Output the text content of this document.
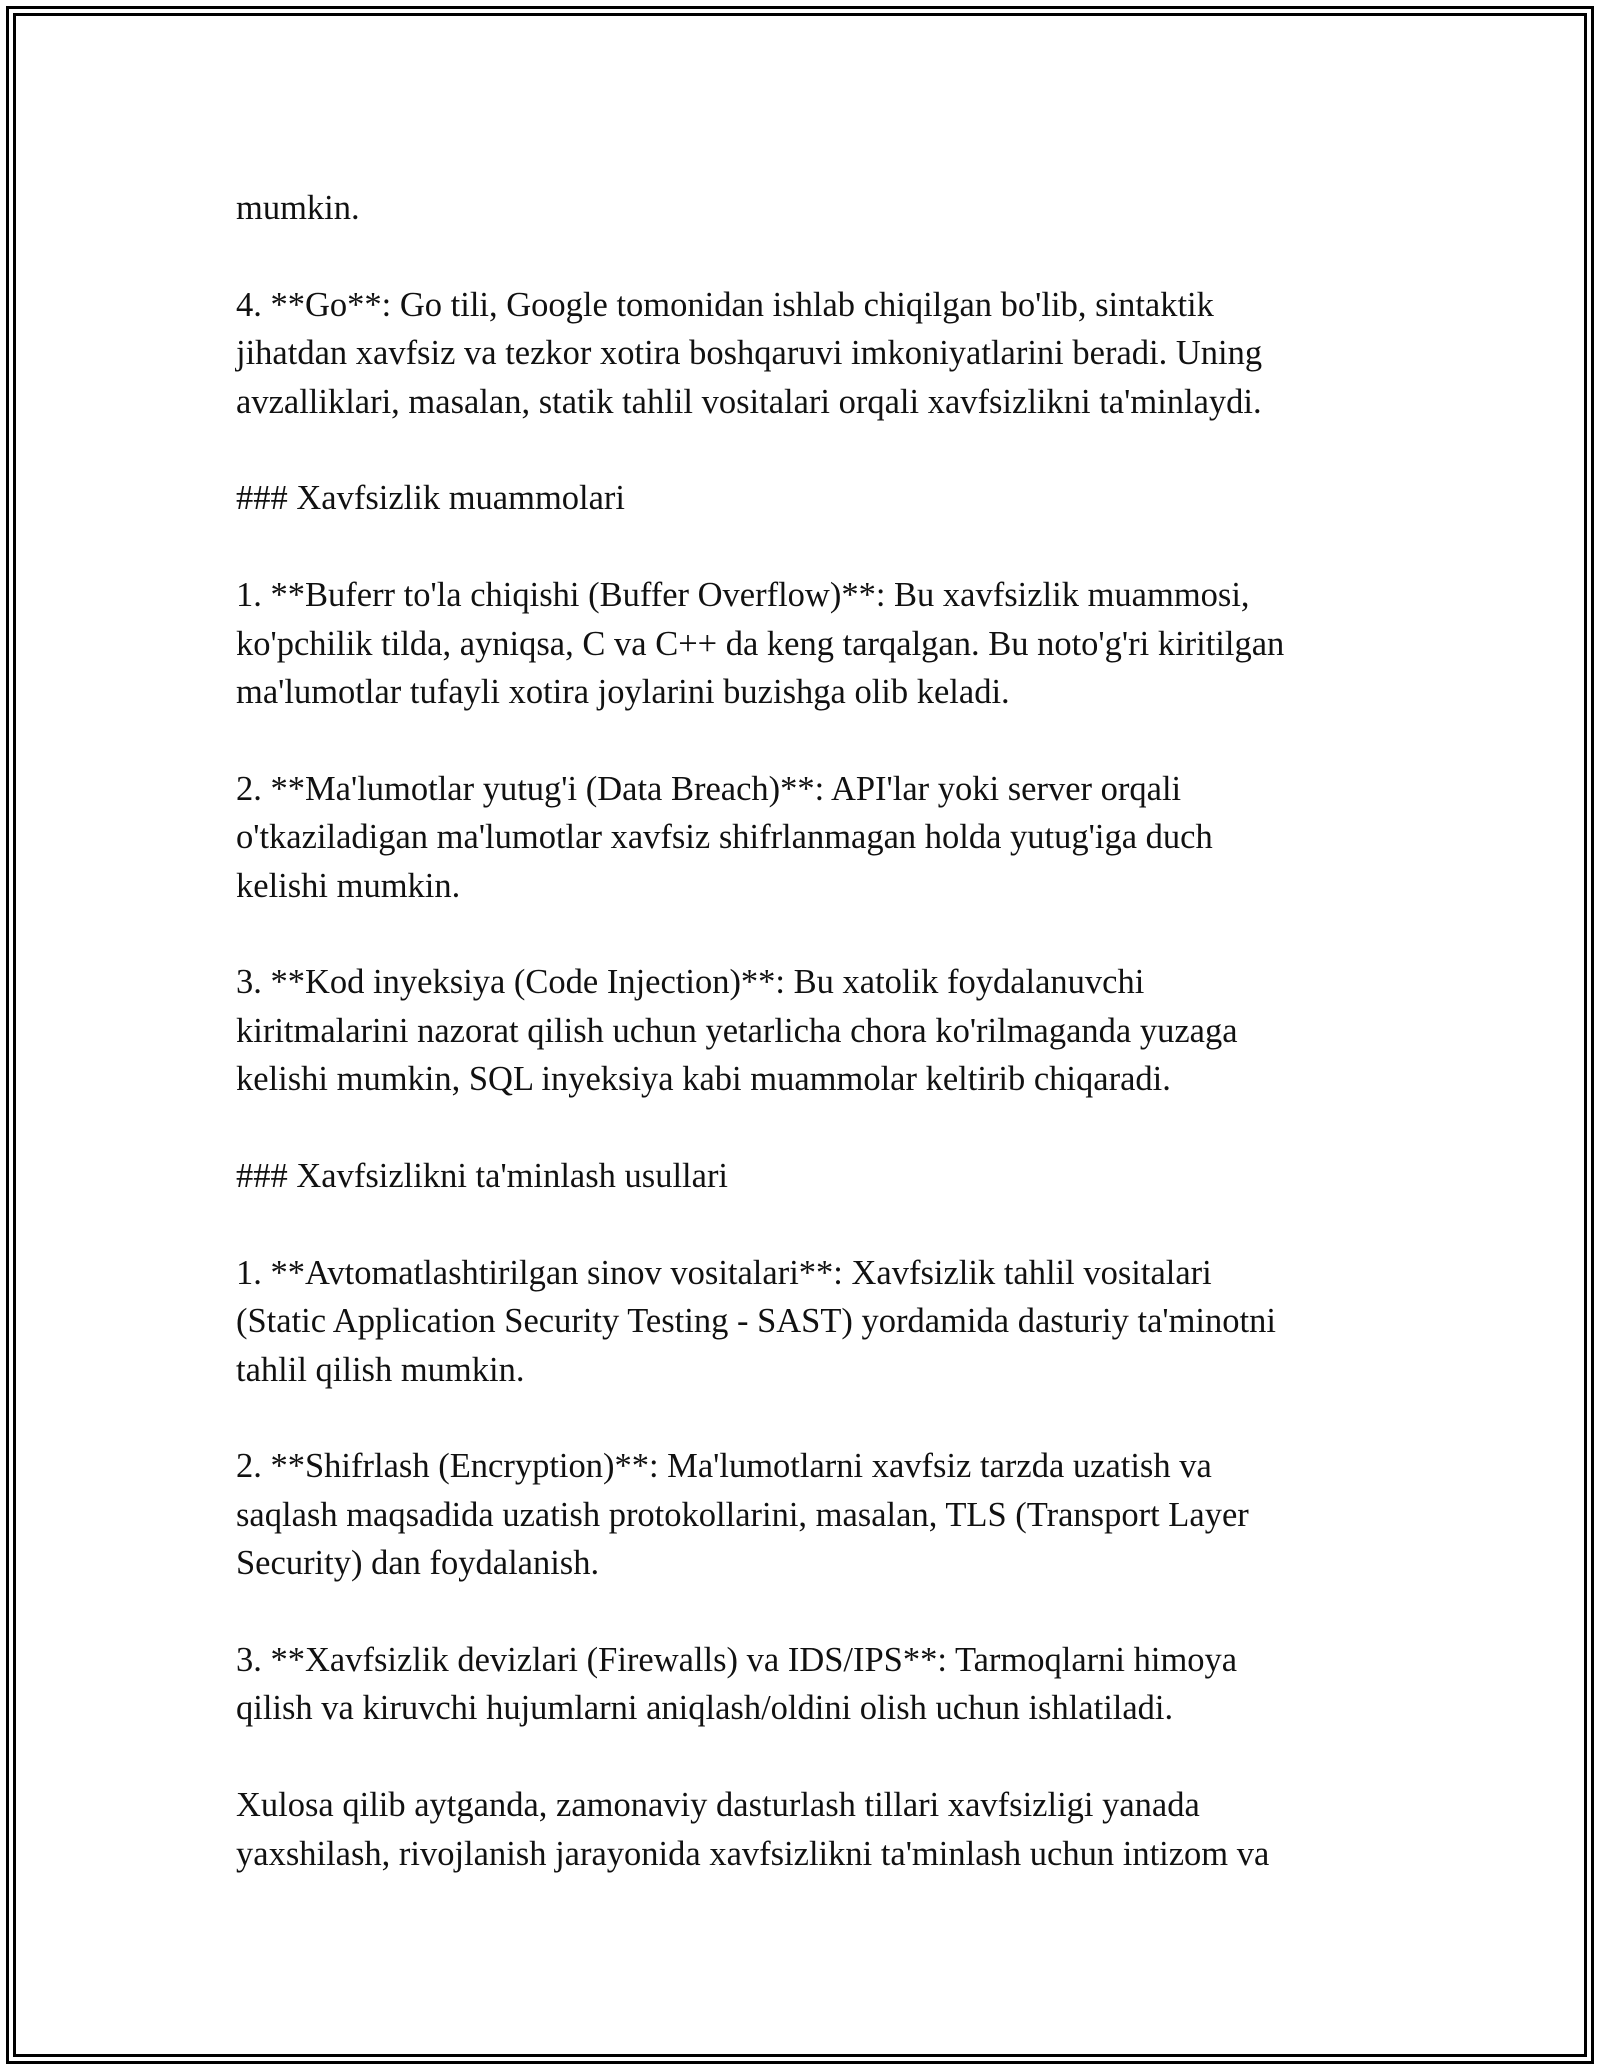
mumkin.

4. **Go**: Go tili, Google tomonidan ishlab chiqilgan bo'lib, sintaktik
jihatdan xavfsiz va tezkor xotira boshqaruvi imkoniyatlarini beradi. Uning
avzalliklari, masalan, statik tahlil vositalari orqali xavfsizlikni ta'minlaydi.

### Xavfsizlik muammolari

1. **Buferr to'la chiqishi (Buffer Overflow)**: Bu xavfsizlik muammosi,
ko'pchilik tilda, ayniqsa, C va C++ da keng tarqalgan. Bu noto'g'ri kiritilgan
ma'lumotlar tufayli xotira joylarini buzishga olib keladi.

2. **Ma'lumotlar yutug'i (Data Breach)**: API'lar yoki server orqali
o'tkaziladigan ma'lumotlar xavfsiz shifrlanmagan holda yutug'iga duch
kelishi mumkin.

3. **Kod inyeksiya (Code Injection)**: Bu xatolik foydalanuvchi
kiritmalarini nazorat qilish uchun yetarlicha chora ko'rilmaganda yuzaga
kelishi mumkin, SQL inyeksiya kabi muammolar keltirib chiqaradi.

### Xavfsizlikni ta'minlash usullari

1. **Avtomatlashtirilgan sinov vositalari**: Xavfsizlik tahlil vositalari
(Static Application Security Testing - SAST) yordamida dasturiy ta'minotni
tahlil qilish mumkin.

2. **Shifrlash (Encryption)**: Ma'lumotlarni xavfsiz tarzda uzatish va
saqlash maqsadida uzatish protokollarini, masalan, TLS (Transport Layer
Security) dan foydalanish.

3. **Xavfsizlik devizlari (Firewalls) va IDS/IPS**: Tarmoqlarni himoya
qilish va kiruvchi hujumlarni aniqlash/oldini olish uchun ishlatiladi.

Xulosa qilib aytganda, zamonaviy dasturlash tillari xavfsizligi yanada
yaxshilash, rivojlanish jarayonida xavfsizlikni ta'minlash uchun intizom va
